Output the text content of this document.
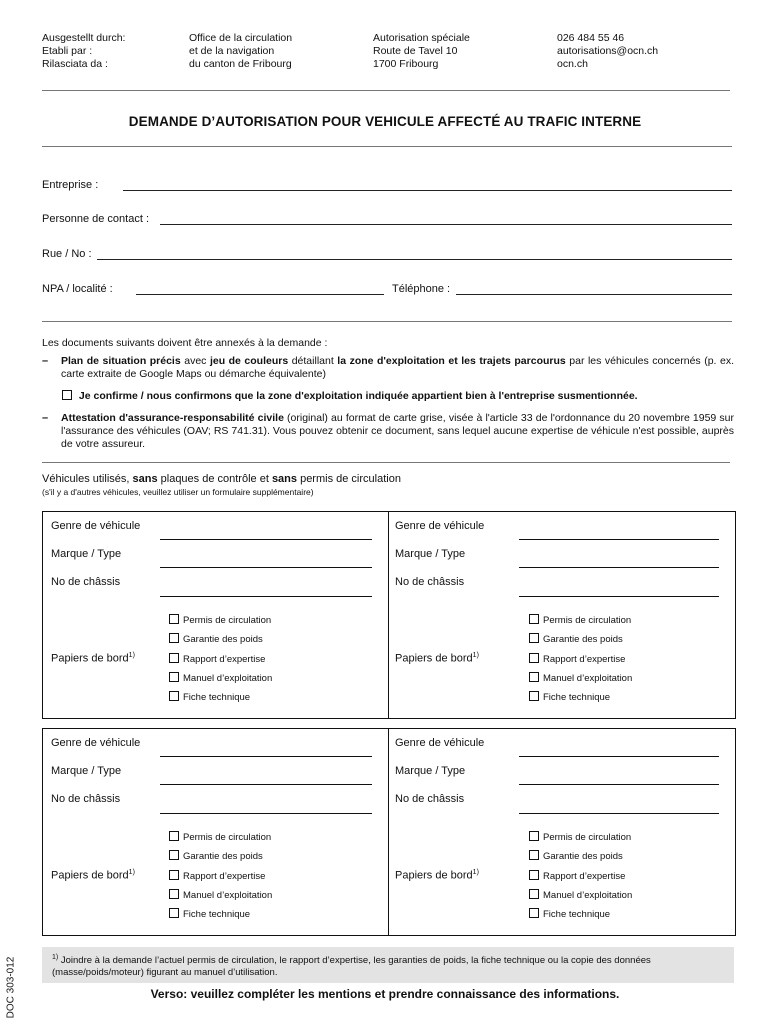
Ausgestellt durch:
Etabli par :
Rilasciata da :
Office de la circulation
et de la navigation
du canton de Fribourg
Autorisation spéciale
Route de Tavel 10
1700 Fribourg
026 484 55 46
autorisations@ocn.ch
ocn.ch
DEMANDE D’AUTORISATION POUR VEHICULE AFFECTÉ AU TRAFIC INTERNE
Entreprise :
Personne de contact :
Rue / No :
NPA / localité :	Téléphone :
Les documents suivants doivent être annexés à la demande :
– Plan de situation précis avec jeu de couleurs détaillant la zone d'exploitation et les trajets parcourus par les véhicules concernés (p. ex. carte extraite de Google Maps ou démarche équivalente)
Je confirme / nous confirmons que la zone d'exploitation indiquée appartient bien à l'entreprise susmentionnée.
– Attestation d'assurance-responsabilité civile (original) au format de carte grise, visée à l'article 33 de l'ordonnance du 20 novembre 1959 sur l'assurance des véhicules (OAV; RS 741.31). Vous pouvez obtenir ce document, sans lequel aucune expertise de véhicule n'est possible, auprès de votre assureur.
Véhicules utilisés, sans plaques de contrôle et sans permis de circulation
(s'il y a d'autres véhicules, veuillez utiliser un formulaire supplémentaire)
Genre de véhicule
Marque / Type
No de châssis
Papiers de bord$^{1)}$
Permis de circulation
Garantie des poids
Rapport d’expertise
Manuel d’exploitation
Fiche technique
Genre de véhicule
Marque / Type
No de châssis
Papiers de bord$^{1)}$
Permis de circulation
Garantie des poids
Rapport d’expertise
Manuel d’exploitation
Fiche technique
Genre de véhicule
Marque / Type
No de châssis
Papiers de bord$^{1)}$
Permis de circulation
Garantie des poids
Rapport d’expertise
Manuel d’exploitation
Fiche technique
Genre de véhicule
Marque / Type
No de châssis
Papiers de bord$^{1)}$
Permis de circulation
Garantie des poids
Rapport d’expertise
Manuel d’exploitation
Fiche technique
$^{1)}$ Joindre à la demande l’actuel permis de circulation, le rapport d’expertise, les garanties de poids, la fiche technique ou la copie des données (masse/poids/moteur) figurant au manuel d’utilisation.
Verso: veuillez compléter les mentions et prendre connaissance des informations.
DOC 303-012
